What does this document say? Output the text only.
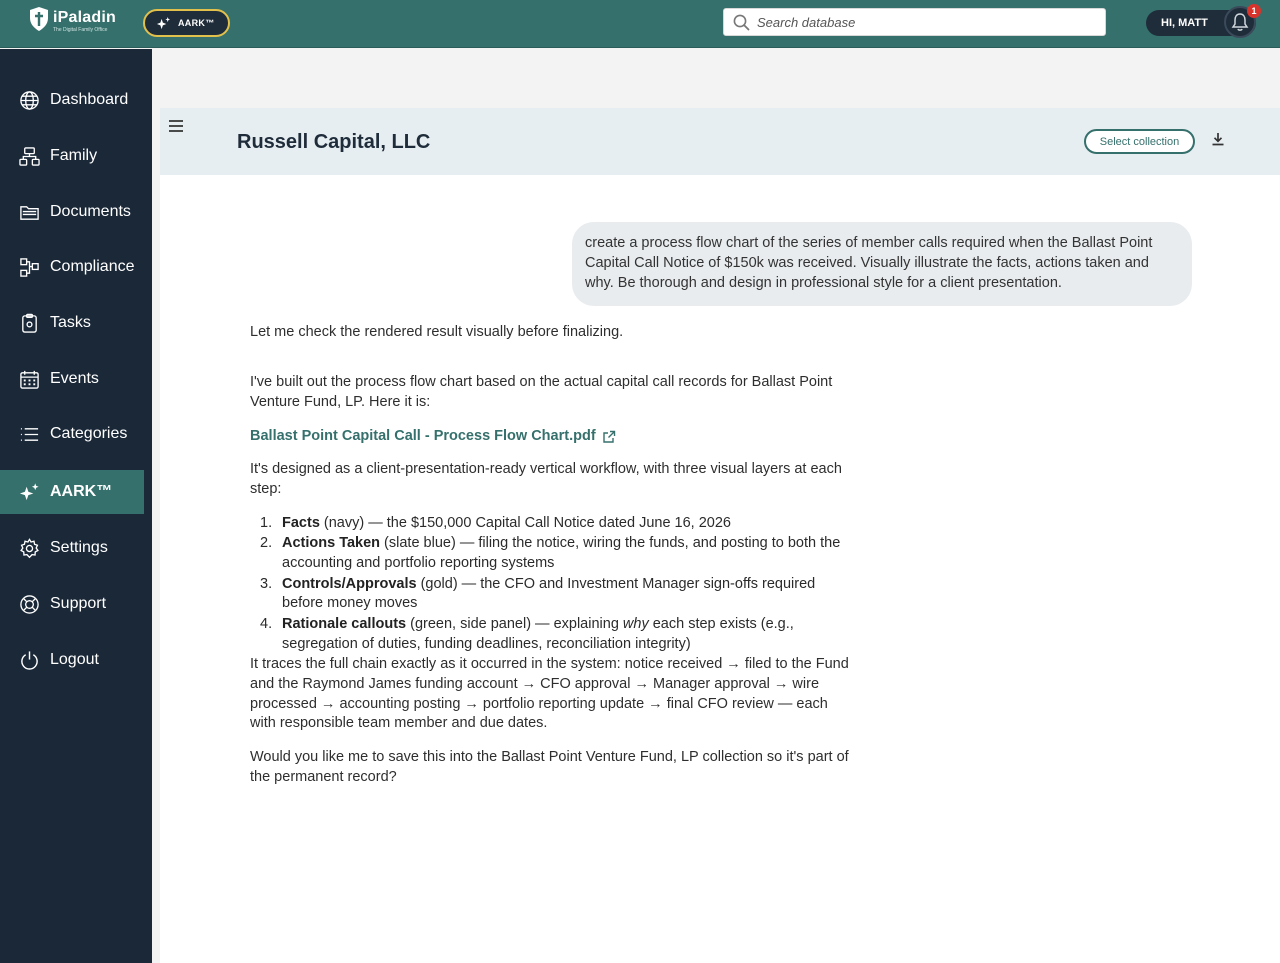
iPaladin
The Digital Family Office
AARK™
Search database	HI, MATT
1
Dashboard
Family
Documents
Compliance
Tasks
Events
Categories
AARK™
Settings
Support
Logout
Russell Capital, LLC	Select collection
create a process flow chart of the series of member calls required when the Ballast Point Capital Call Notice of $150k was received. Visually illustrate the facts, actions taken and why. Be thorough and design in professional style for a client presentation.
Let me check the rendered result visually before finalizing.
I've built out the process flow chart based on the actual capital call records for Ballast Point Venture Fund, LP. Here it is:
Ballast Point Capital Call - Process Flow Chart.pdf
It's designed as a client-presentation-ready vertical workflow, with three visual layers at each step:
1. Facts (navy) — the $150,000 Capital Call Notice dated June 16, 2026
2. Actions Taken (slate blue) — filing the notice, wiring the funds, and posting to both the accounting and portfolio reporting systems
3. Controls/Approvals (gold) — the CFO and Investment Manager sign-offs required before money moves
4. Rationale callouts (green, side panel) — explaining why each step exists (e.g., segregation of duties, funding deadlines, reconciliation integrity)
It traces the full chain exactly as it occurred in the system: notice received → filed to the Fund and the Raymond James funding account → CFO approval → Manager approval → wire processed → accounting posting → portfolio reporting update → final CFO review — each with responsible team member and due dates.
Would you like me to save this into the Ballast Point Venture Fund, LP collection so it's part of the permanent record?
